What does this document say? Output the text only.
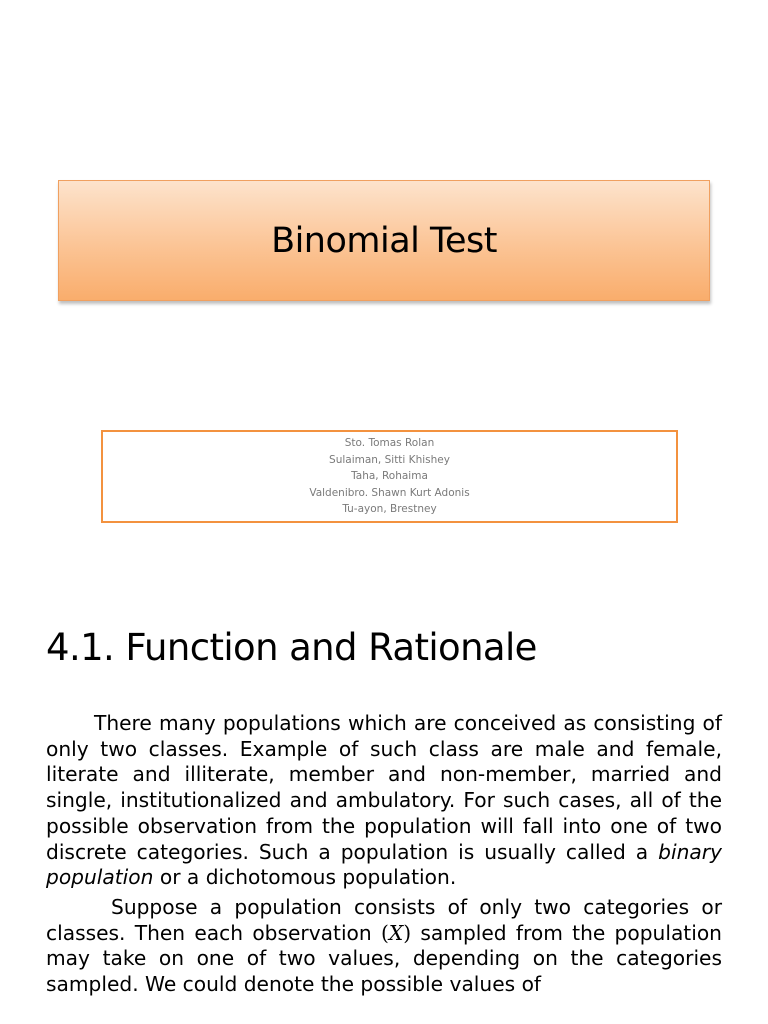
Binomial Test
Sto. Tomas Rolan
Sulaiman, Sitti Khishey
Taha, Rohaima
Valdenibro. Shawn Kurt Adonis
Tu-ayon, Brestney
4.1. Function and Rationale

There many populations which are conceived as consisting of only two classes. Example of such class are male and female, literate and illiterate, member and non-member, married and single, institutionalized and ambulatory. For such cases, all of the possible observation from the population will fall into one of two discrete categories. Such a population is usually called a binary population or a dichotomous population.

Suppose a population consists of only two categories or classes. Then each observation (X) sampled from the population may take on one of two values, depending on the categories sampled. We could denote the possible values of
